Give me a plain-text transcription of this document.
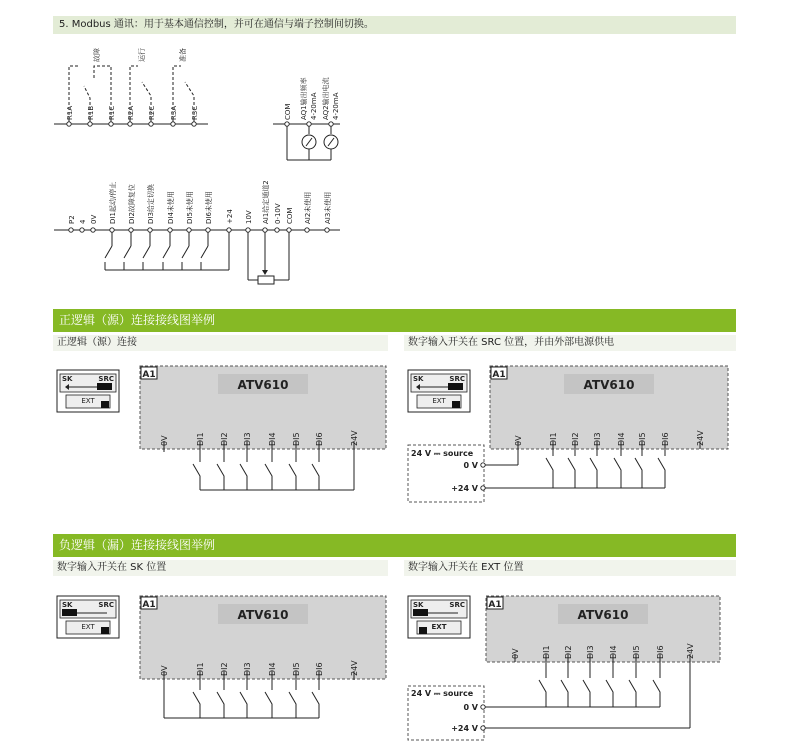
5. Modbus 通讯：用于基本通信控制，并可在通信与端子控制间切换。
正逻辑（源）连接接线图举例
正逻辑（源）连接	数字输入开关在 SRC 位置，并由外部电源供电
负逻辑（漏）连接接线图举例
数字输入开关在 SK 位置	数字输入开关在 EXT 位置
R1A R1B R1C R2A R2C R3A R3C
故障	运行	准备
COM AQ1输出频率 4-20mA AQ2输出电流 4-20mA
P2 4 0V DI1起动/停止 DI2故障复位 DI3给定切换 DI4未使用 DI5未使用 DI6未使用 +24 10V AI1给定通道2 0-10V COM AI2未使用 AI3未使用
SK	SRC
EXT
A1
ATV610
0V	DI1 DI2 DI3 DI4 DI5 DI6	24V
SK	SRC
EXT
A1
ATV610
0V	DI1 DI2 DI3 DI4 DI5 DI6	24V
24 V ⎓ source
0 V
+24 V
SK	SRC
EXT
A1
ATV610
0V	DI1 DI2 DI3 DI4 DI5 DI6	24V
SK	SRC
EXT
A1
ATV610
0V	DI1 DI2 DI3 DI4 DI5 DI6	24V
24 V ⎓ source
0 V
+24 V
